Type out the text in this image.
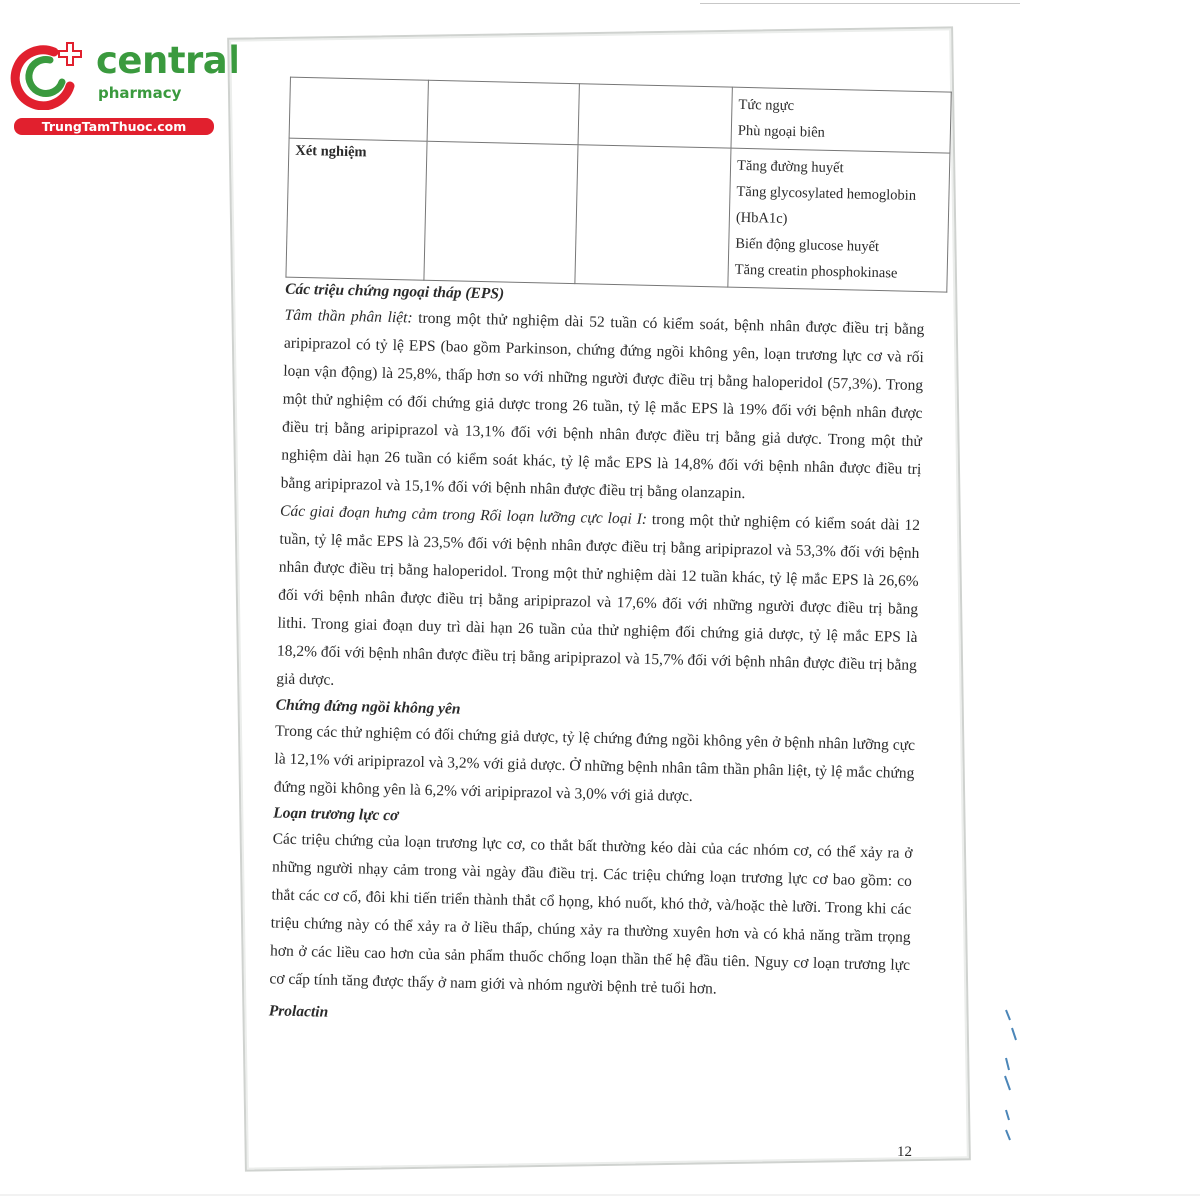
central
pharmacy
TrungTamThuoc.com

			Tức ngực
Phù ngoại biên

Xét nghiệm			Tăng đường huyết
Tăng glycosylated hemoglobin (HbA1c)
Biến động glucose huyết
Tăng creatin phosphokinase

Các triệu chứng ngoại tháp (EPS)

Tâm thần phân liệt: trong một thử nghiệm dài 52 tuần có kiểm soát, bệnh nhân được điều trị bằng aripiprazol có tỷ lệ EPS (bao gồm Parkinson, chứng đứng ngồi không yên, loạn trương lực cơ và rối loạn vận động) là 25,8%, thấp hơn so với những người được điều trị bằng haloperidol (57,3%). Trong một thử nghiệm có đối chứng giả dược trong 26 tuần, tỷ lệ mắc EPS là 19% đối với bệnh nhân được điều trị bằng aripiprazol và 13,1% đối với bệnh nhân được điều trị bằng giả dược. Trong một thử nghiệm dài hạn 26 tuần có kiểm soát khác, tỷ lệ mắc EPS là 14,8% đối với bệnh nhân được điều trị bằng aripiprazol và 15,1% đối với bệnh nhân được điều trị bằng olanzapin.

Các giai đoạn hưng cảm trong Rối loạn lưỡng cực loại I: trong một thử nghiệm có kiểm soát dài 12 tuần, tỷ lệ mắc EPS là 23,5% đối với bệnh nhân được điều trị bằng aripiprazol và 53,3% đối với bệnh nhân được điều trị bằng haloperidol. Trong một thử nghiệm dài 12 tuần khác, tỷ lệ mắc EPS là 26,6% đối với bệnh nhân được điều trị bằng aripiprazol và 17,6% đối với những người được điều trị bằng lithi. Trong giai đoạn duy trì dài hạn 26 tuần của thử nghiệm đối chứng giả dược, tỷ lệ mắc EPS là 18,2% đối với bệnh nhân được điều trị bằng aripiprazol và 15,7% đối với bệnh nhân được điều trị bằng giả dược.

Chứng đứng ngồi không yên

Trong các thử nghiệm có đối chứng giả dược, tỷ lệ chứng đứng ngồi không yên ở bệnh nhân lưỡng cực là 12,1% với aripiprazol và 3,2% với giả dược. Ở những bệnh nhân tâm thần phân liệt, tỷ lệ mắc chứng đứng ngồi không yên là 6,2% với aripiprazol và 3,0% với giả dược.

Loạn trương lực cơ

Các triệu chứng của loạn trương lực cơ, co thắt bất thường kéo dài của các nhóm cơ, có thể xảy ra ở những người nhạy cảm trong vài ngày đầu điều trị. Các triệu chứng loạn trương lực cơ bao gồm: co thắt các cơ cổ, đôi khi tiến triển thành thắt cổ họng, khó nuốt, khó thở, và/hoặc thè lưỡi. Trong khi các triệu chứng này có thể xảy ra ở liều thấp, chúng xảy ra thường xuyên hơn và có khả năng trầm trọng hơn ở các liều cao hơn của sản phẩm thuốc chống loạn thần thế hệ đầu tiên. Nguy cơ loạn trương lực cơ cấp tính tăng được thấy ở nam giới và nhóm người bệnh trẻ tuổi hơn.

Prolactin

12
